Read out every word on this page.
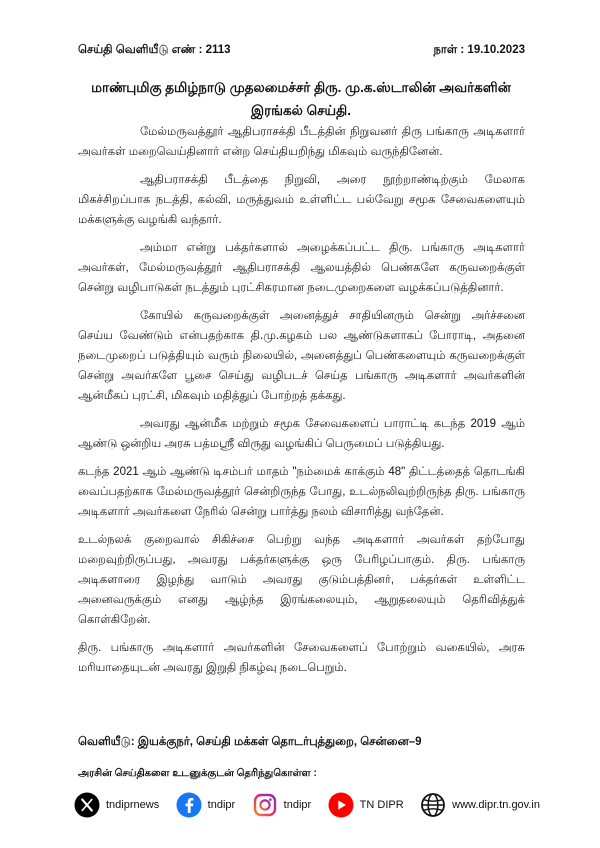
செய்தி வெளியீடு எண் : 2113	நாள் : 19.10.2023
மாண்புமிகு தமிழ்நாடு முதலமைச்சர் திரு. மு.க.ஸ்டாலின் அவர்களின்
இரங்கல் செய்தி.

மேல்மருவத்தூர் ஆதிபராசக்தி பீடத்தின் நிறுவனர் திரு பங்காரு அடிகளார் அவர்கள் மறைவெய்தினார் என்ற செய்தியறிந்து மிகவும் வருந்தினேன்.

ஆதிபராசக்தி பீடத்தை நிறுவி, அரை நூற்றாண்டிற்கும் மேலாக மிகச்சிறப்பாக நடத்தி, கல்வி, மருத்துவம் உள்ளிட்ட பல்வேறு சமூக சேவைகளையும் மக்களுக்கு வழங்கி வந்தார்.

அம்மா என்று பக்தர்களால் அழைக்கப்பட்ட திரு. பங்காரு அடிகளார் அவர்கள், மேல்மருவத்தூர் ஆதிபராசக்தி ஆலயத்தில் பெண்களே கருவறைக்குள் சென்று வழிபாடுகள் நடத்தும் புரட்சிகரமான நடைமுறைகளை வழக்கப்படுத்தினார்.

கோயில் கருவறைக்குள் அனைத்துச் சாதியினரும் சென்று அர்ச்சனை செய்ய வேண்டும் என்பதற்காக தி.மு.கழகம் பல ஆண்டுகளாகப் போராடி, அதனை நடைமுறைப் படுத்தியும் வரும் நிலையில், அனைத்துப் பெண்களையும் கருவறைக்குள் சென்று அவர்களே பூசை செய்து வழிபடச் செய்த பங்காரு அடிகளார் அவர்களின் ஆன்மீகப் புரட்சி, மிகவும் மதித்துப் போற்றத் தக்கது.

அவரது ஆன்மீக மற்றும் சமூக சேவைகளைப் பாராட்டி கடந்த 2019 ஆம் ஆண்டு ஒன்றிய அரசு பத்மஸ்ரீ விருது வழங்கிப் பெருமைப் படுத்தியது.

கடந்த 2021 ஆம் ஆண்டு டிசம்பர் மாதம் "நம்மைக் காக்கும் 48" திட்டத்தைத் தொடங்கி வைப்பதற்காக மேல்மருவத்தூர் சென்றிருந்த போது, உடல்நலிவுற்றிருந்த திரு. பங்காரு அடிகளார் அவர்களை நேரில் சென்று பார்த்து நலம் விசாரித்து வந்தேன்.

உடல்நலக் குறைவால் சிகிச்சை பெற்று வந்த அடிகளார் அவர்கள் தற்போது மறைவுற்றிருப்பது, அவரது பக்தர்களுக்கு ஒரு பேரிழப்பாகும். திரு. பங்காரு அடிகளாரை இழந்து வாடும் அவரது குடும்பத்தினர், பக்தர்கள் உள்ளிட்ட அனைவருக்கும் எனது ஆழ்ந்த இரங்கலையும், ஆறுதலையும் தெரிவித்துக் கொள்கிறேன்.

திரு. பங்காரு அடிகளார் அவர்களின் சேவைகளைப் போற்றும் வகையில், அரசு மரியாதையுடன் அவரது இறுதி நிகழ்வு நடைபெறும்.

வெளியீடு: இயக்குநர், செய்தி மக்கள் தொடர்புத்துறை, சென்னை–9
அரசின் செய்திகளை உடனுக்குடன் தெரிந்துகொள்ள :
tndiprnews	tndipr	tndipr	TN DIPR	www.dipr.tn.gov.in
